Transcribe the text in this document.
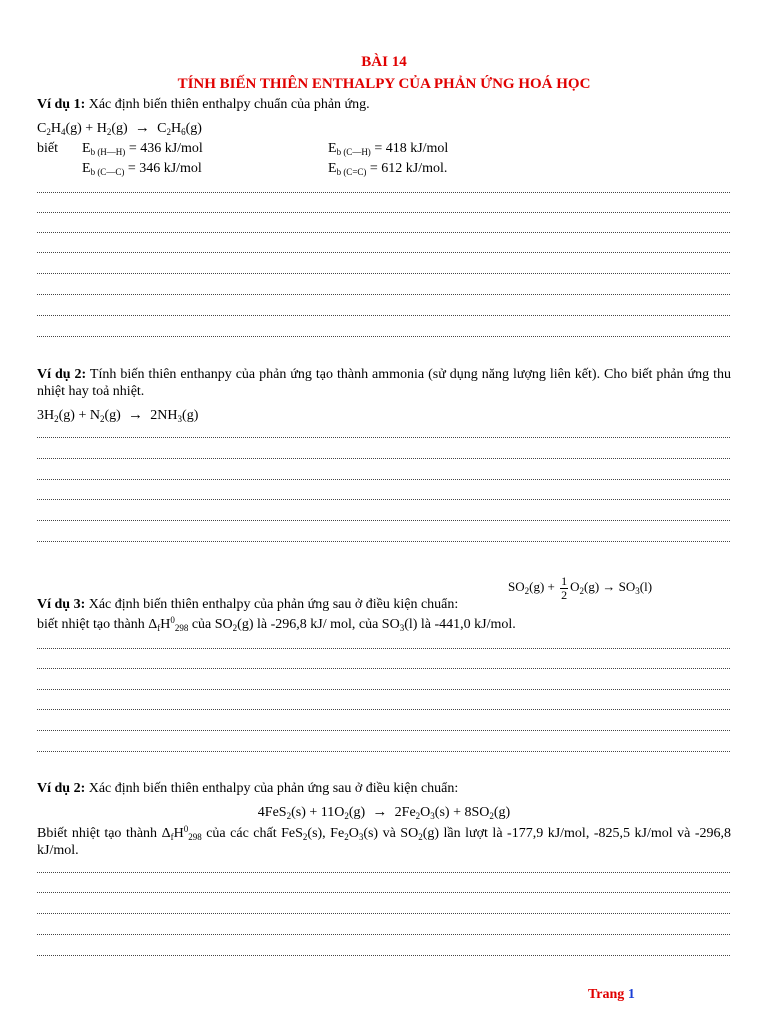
BÀI 14
TÍNH BIẾN THIÊN ENTHALPY CỦA PHẢN ỨNG HOÁ HỌC
Ví dụ 1: Xác định biến thiên enthalpy chuẩn của phản ứng.
$C_2H_4(g) + H_2(g) \to C_2H_6(g)$
biết $E_{b (H—H)} = 436$ kJ/mol	$E_{b (C—H)} = 418$ kJ/mol
$E_{b (C—C)} = 346$ kJ/mol	$E_{b (C=C)} = 612$ kJ/mol.
Ví dụ 2: Tính biến thiên enthanpy của phản ứng tạo thành ammonia (sử dụng năng lượng liên kết). Cho biết phản ứng thu nhiệt hay toả nhiệt.
$3H_2(g) + N_2(g) \to 2NH_3(g)$
$SO_2(g) + \frac{1}{2} O_2(g) \to SO_3(l)$
Ví dụ 3: Xác định biến thiên enthalpy của phản ứng sau ở điều kiện chuẩn:
biết nhiệt tạo thành $\Delta_fH^0_{298}$ của $SO_2(g)$ là -296,8 kJ/ mol, của $SO_3(l)$ là -441,0 kJ/mol.
Ví dụ 2: Xác định biến thiên enthalpy của phản ứng sau ở điều kiện chuẩn:
$4FeS_2(s) + 11O_2(g) \to 2Fe_2O_3(s) + 8SO_2(g)$
Bbiết nhiệt tạo thành $\Delta_fH^0_{298}$ của các chất FeS$_2$(s), $Fe_2O_3(s)$ và $SO_2(g)$ lần lượt là -177,9 kJ/mol, -825,5 kJ/mol và -296,8 kJ/mol.
Trang 1
